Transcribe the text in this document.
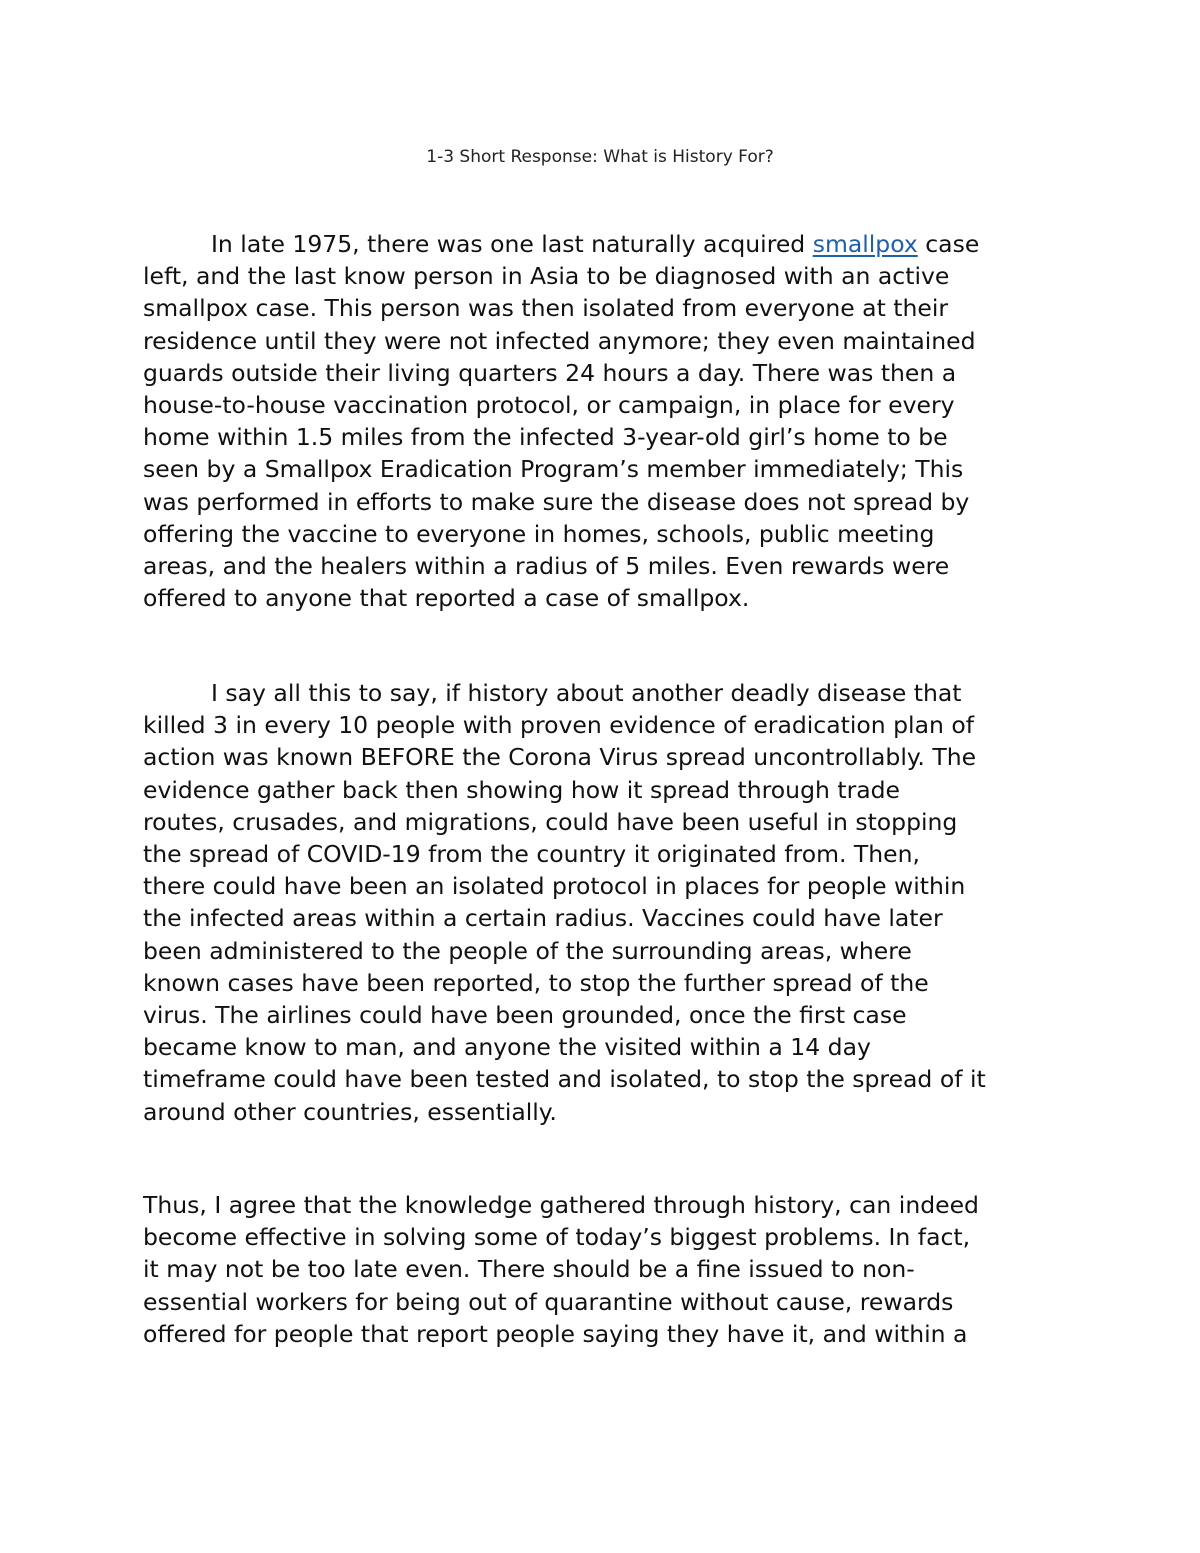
1-3 Short Response: What is History For?

In late 1975, there was one last naturally acquired smallpox case
left, and the last know person in Asia to be diagnosed with an active
smallpox case. This person was then isolated from everyone at their
residence until they were not infected anymore; they even maintained
guards outside their living quarters 24 hours a day. There was then a
house-to-house vaccination protocol, or campaign, in place for every
home within 1.5 miles from the infected 3-year-old girl’s home to be
seen by a Smallpox Eradication Program’s member immediately; This
was performed in efforts to make sure the disease does not spread by
offering the vaccine to everyone in homes, schools, public meeting
areas, and the healers within a radius of 5 miles. Even rewards were
offered to anyone that reported a case of smallpox.

I say all this to say, if history about another deadly disease that
killed 3 in every 10 people with proven evidence of eradication plan of
action was known BEFORE the Corona Virus spread uncontrollably. The
evidence gather back then showing how it spread through trade
routes, crusades, and migrations, could have been useful in stopping
the spread of COVID-19 from the country it originated from. Then,
there could have been an isolated protocol in places for people within
the infected areas within a certain radius. Vaccines could have later
been administered to the people of the surrounding areas, where
known cases have been reported, to stop the further spread of the
virus. The airlines could have been grounded, once the first case
became know to man, and anyone the visited within a 14 day
timeframe could have been tested and isolated, to stop the spread of it
around other countries, essentially.

Thus, I agree that the knowledge gathered through history, can indeed
become effective in solving some of today’s biggest problems. In fact,
it may not be too late even. There should be a fine issued to non-
essential workers for being out of quarantine without cause, rewards
offered for people that report people saying they have it, and within a
